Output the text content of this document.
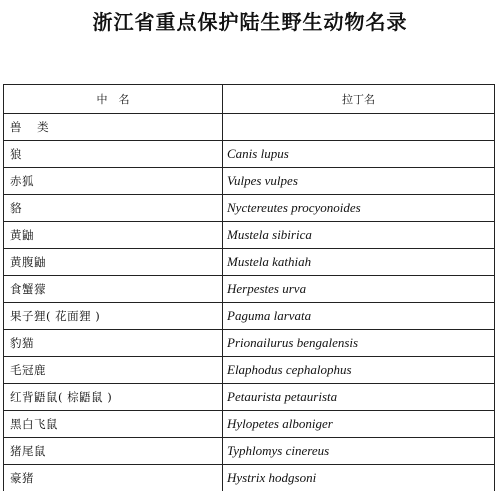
浙江省重点保护陆生野生动物名录
中　名	拉丁名
兽 类	
狼	Canis lupus
赤狐	Vulpes vulpes
貉	Nyctereutes procyonoides
黄鼬	Mustela sibirica
黄腹鼬	Mustela kathiah
食蟹獴	Herpestes urva
果子狸( 花面狸 )	Paguma larvata
豹猫	Prionailurus bengalensis
毛冠鹿	Elaphodus cephalophus
红背鼯鼠( 棕鼯鼠 )	Petaurista petaurista
黑白飞鼠	Hylopetes alboniger
猪尾鼠	Typhlomys cinereus
豪猪	Hystrix hodgsoni
